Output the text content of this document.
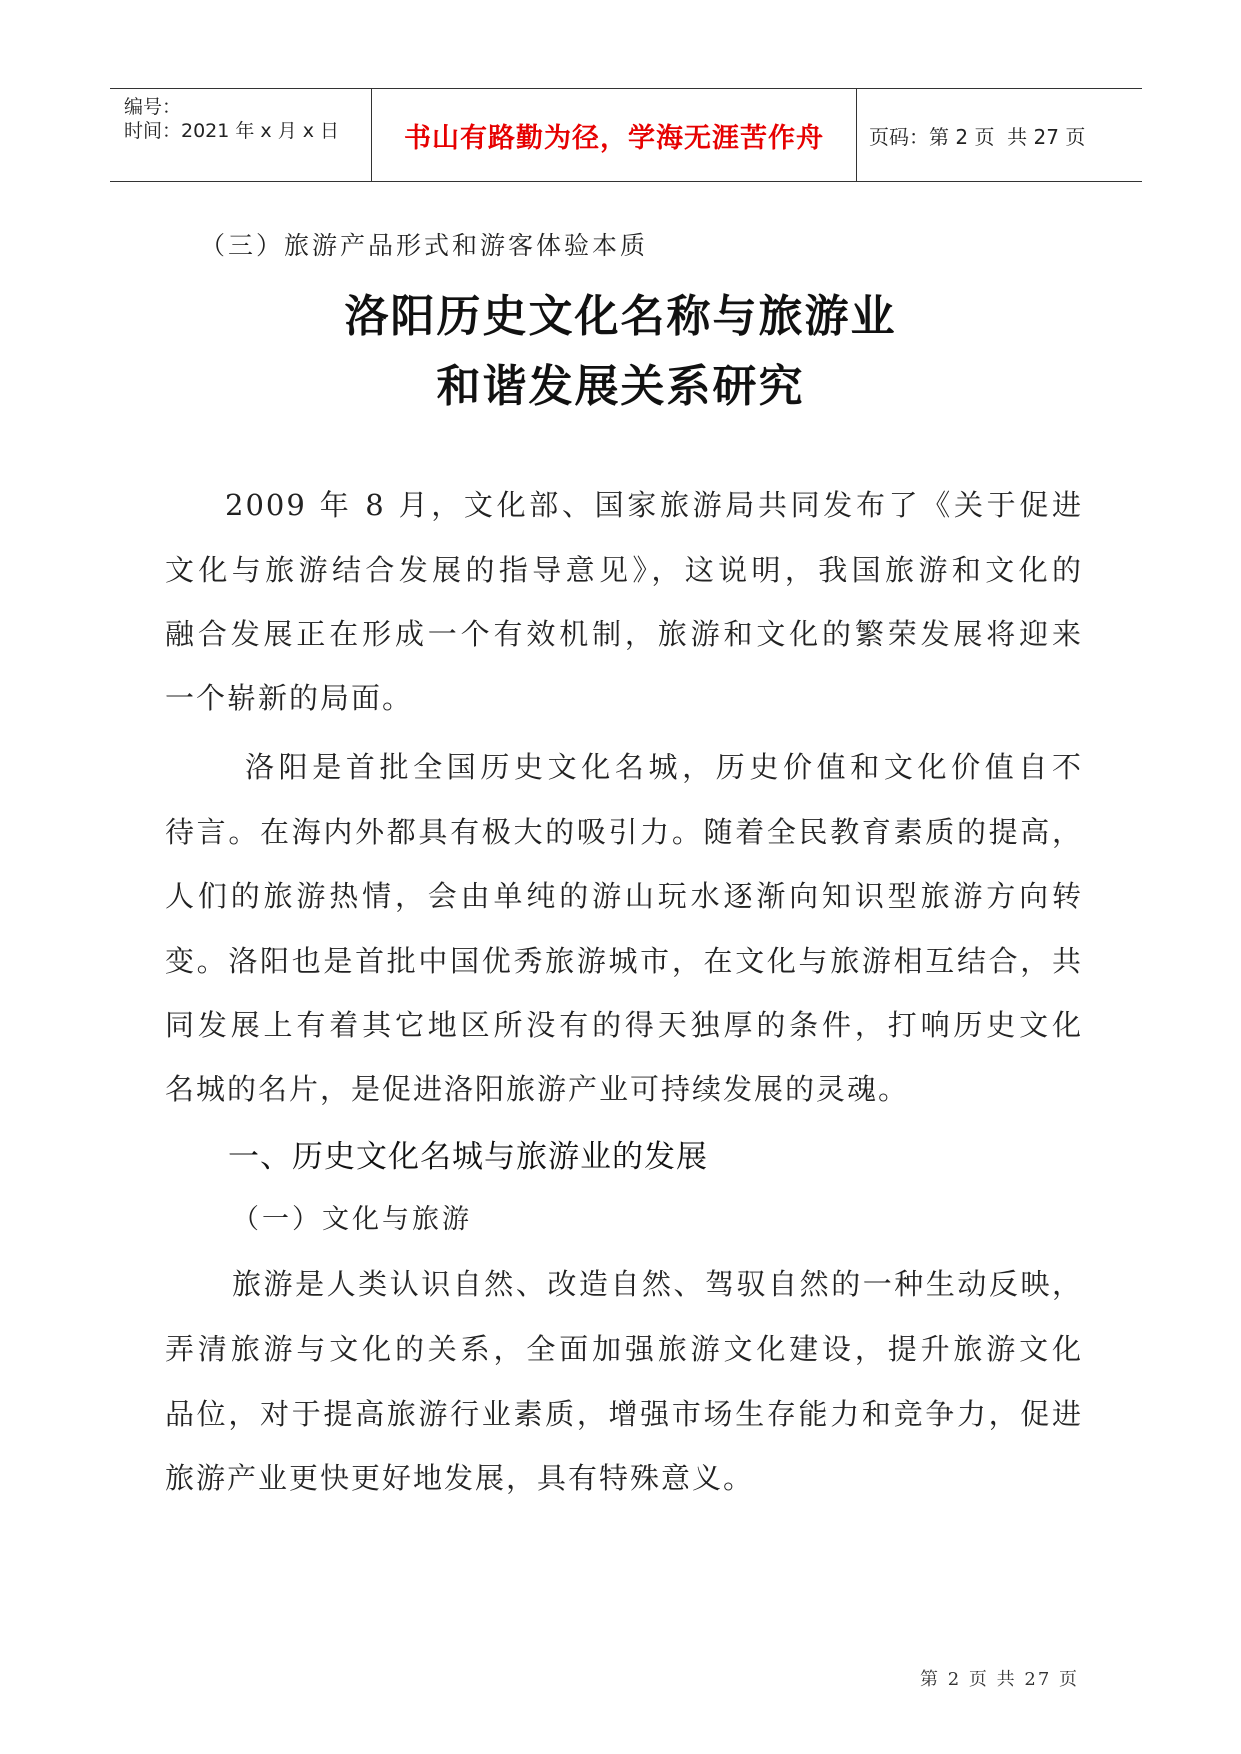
编号：
时间：2021 年 x 月 x 日	书山有路勤为径，学海无涯苦作舟	页码：第 2 页  共 27 页
（三）旅游产品形式和游客体验本质
洛阳历史文化名称与旅游业
和谐发展关系研究
2009 年 8 月，文化部、国家旅游局共同发布了《关于促进
文化与旅游结合发展的指导意见》，这说明，我国旅游和文化的
融合发展正在形成一个有效机制，旅游和文化的繁荣发展将迎来
一个崭新的局面。
洛阳是首批全国历史文化名城，历史价值和文化价值自不
待言。在海内外都具有极大的吸引力。随着全民教育素质的提高，
人们的旅游热情，会由单纯的游山玩水逐渐向知识型旅游方向转
变。洛阳也是首批中国优秀旅游城市，在文化与旅游相互结合，共
同发展上有着其它地区所没有的得天独厚的条件，打响历史文化
名城的名片，是促进洛阳旅游产业可持续发展的灵魂。
一、历史文化名城与旅游业的发展
（一）文化与旅游
旅游是人类认识自然、改造自然、驾驭自然的一种生动反映，
弄清旅游与文化的关系，全面加强旅游文化建设，提升旅游文化
品位，对于提高旅游行业素质，增强市场生存能力和竞争力，促进
旅游产业更快更好地发展，具有特殊意义。
第 2 页 共 27 页
